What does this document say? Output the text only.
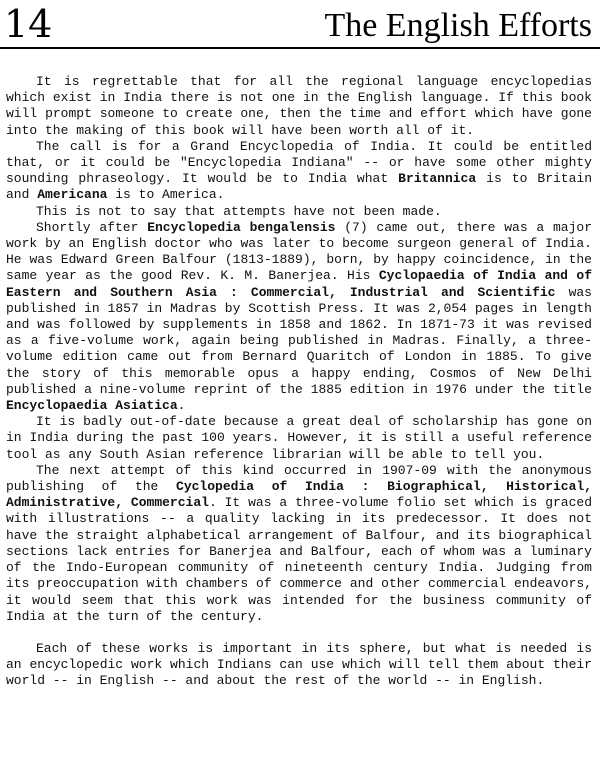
14	The English Efforts

It is regrettable that for all the regional language encyclopedias which exist in India there is not one in the English language. If this book will prompt someone to create one, then the time and effort which have gone into the making of this book will have been worth all of it.

The call is for a Grand Encyclopedia of India. It could be entitled that, or it could be "Encyclopedia Indiana" -- or have some other mighty sounding phraseology. It would be to India what Britannica is to Britain and Americana is to America.

This is not to say that attempts have not been made.

Shortly after Encyclopedia bengalensis (7) came out, there was a major work by an English doctor who was later to become surgeon general of India. He was Edward Green Balfour (1813-1889), born, by happy coincidence, in the same year as the good Rev. K. M. Banerjea. His Cyclopaedia of India and of Eastern and Southern Asia : Commercial, Industrial and Scientific was published in 1857 in Madras by Scottish Press. It was 2,054 pages in length and was followed by supplements in 1858 and 1862. In 1871-73 it was revised as a five-volume work, again being published in Madras. Finally, a three-volume edition came out from Bernard Quaritch of London in 1885. To give the story of this memorable opus a happy ending, Cosmos of New Delhi published a nine-volume reprint of the 1885 edition in 1976 under the title Encyclopaedia Asiatica.

It is badly out-of-date because a great deal of scholarship has gone on in India during the past 100 years. However, it is still a useful reference tool as any South Asian reference librarian will be able to tell you.

The next attempt of this kind occurred in 1907-09 with the anonymous publishing of the Cyclopedia of India : Biographical, Historical, Administrative, Commercial. It was a three-volume folio set which is graced with illustrations -- a quality lacking in its predecessor. It does not have the straight alphabetical arrangement of Balfour, and its biographical sections lack entries for Banerjea and Balfour, each of whom was a luminary of the Indo-European community of nineteenth century India. Judging from its preoccupation with chambers of commerce and other commercial endeavors, it would seem that this work was intended for the business community of India at the turn of the century.

Each of these works is important in its sphere, but what is needed is an encyclopedic work which Indians can use which will tell them about their world -- in English -- and about the rest of the world -- in English.
